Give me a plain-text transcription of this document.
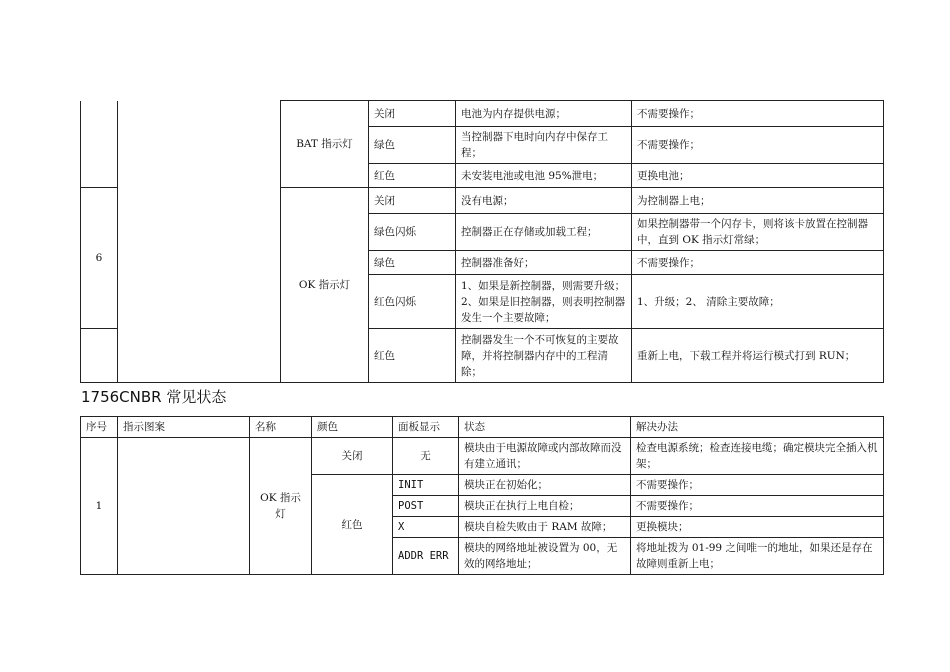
		BAT 指示灯	关闭	电池为内存提供电源；	不需要操作；
			绿色	当控制器下电时向内存中保存工程；	不需要操作；
			红色	未安装电池或电池 95%泄电；	更换电池；
6		OK 指示灯	关闭	没有电源；	为控制器上电；
			绿色闪烁	控制器正在存储或加载工程；	如果控制器带一个闪存卡，则将该卡放置在控制器中，直到 OK 指示灯常绿；
			绿色	控制器准备好；	不需要操作；
			红色闪烁	1、如果是新控制器，则需要升级；2、如果是旧控制器，则表明控制器发生一个主要故障；	1、升级；2、 清除主要故障；
			红色	控制器发生一个不可恢复的主要故障，并将控制器内存中的工程清除；	重新上电，下载工程并将运行模式打到 RUN；
1756CNBR 常见状态
序号	指示图案	名称	颜色	面板显示	状态	解决办法
1		OK 指示灯	关闭	无	模块由于电源故障或内部故障而没有建立通讯；	检查电源系统；检查连接电缆；确定模块完全插入机架；
			红色	INIT	模块正在初始化；	不需要操作；
				POST	模块正在执行上电自检；	不需要操作；
				X	模块自检失败由于 RAM 故障；	更换模块；
				ADDR ERR	模块的网络地址被设置为 00，无效的网络地址；	将地址拨为 01-99 之间唯一的地址，如果还是存在故障则重新上电；
